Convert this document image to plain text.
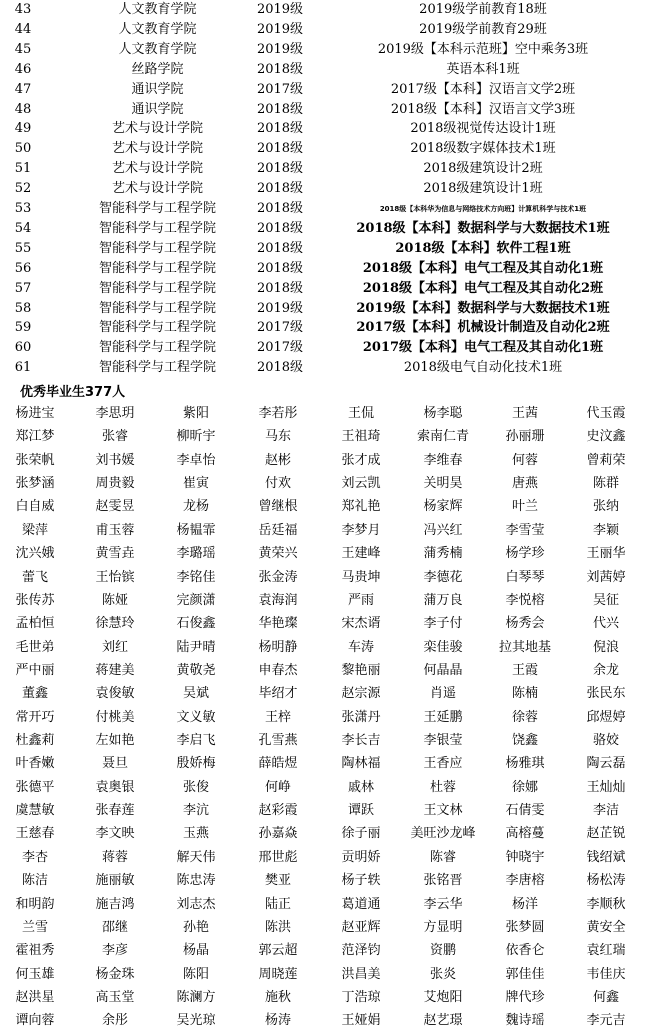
43	人文教育学院	2019级	2019级学前教育18班
44	人文教育学院	2019级	2019级学前教育29班
45	人文教育学院	2019级	2019级【本科示范班】空中乘务3班
46	丝路学院	2018级	英语本科1班
47	通识学院	2017级	2017级【本科】汉语言文学2班
48	通识学院	2018级	2018级【本科】汉语言文学3班
49	艺术与设计学院	2018级	2018级视觉传达设计1班
50	艺术与设计学院	2018级	2018级数字媒体技术1班
51	艺术与设计学院	2018级	2018级建筑设计2班
52	艺术与设计学院	2018级	2018级建筑设计1班
53	智能科学与工程学院	2018级	2018级【本科华为信息与网络技术方向班】计算机科学与技术1班
54	智能科学与工程学院	2018级	2018级【本科】数据科学与大数据技术1班
55	智能科学与工程学院	2018级	2018级【本科】软件工程1班
56	智能科学与工程学院	2018级	2018级【本科】电气工程及其自动化1班
57	智能科学与工程学院	2018级	2018级【本科】电气工程及其自动化2班
58	智能科学与工程学院	2019级	2019级【本科】数据科学与大数据技术1班
59	智能科学与工程学院	2017级	2017级【本科】机械设计制造及自动化2班
60	智能科学与工程学院	2017级	2017级【本科】电气工程及其自动化1班
61	智能科学与工程学院	2018级	2018级电气自动化技术1班
优秀毕业生377人
杨进宝	李思玥	紫阳	李若彤	王侃	杨李聪	王茜	代玉霞
郑江梦	张睿	柳昕宇	马东	王祖琦	索南仁青	孙丽珊	史汶鑫
张荣帆	刘书媛	李卓怡	赵彬	张才成	李维春	何蓉	曾莉荣
张梦涵	周贵毅	崔寅	付欢	刘云凯	关明昊	唐燕	陈群
白自威	赵雯昱	龙杨	曾继根	郑礼艳	杨家辉	叶兰	张纳
梁萍	甫玉蓉	杨韫霏	岳廷福	李梦月	冯兴红	李雪莹	李颖
沈兴娥	黄雪垚	李璐瑶	黄荣兴	王建峰	蒲秀楠	杨学珍	王丽华
蕾飞	王怡镔	李铭佳	张金涛	马贵坤	李德花	白琴琴	刘茜婷
张传苏	陈娅	完颜潇	袁海润	严雨	蒲万良	李悦榕	吴征
孟柏恒	徐慧玲	石俊鑫	华艳璨	宋杰谞	李子付	杨秀会	代兴
毛世弟	刘红	陆尹晴	杨明静	车涛	栾佳骏	拉其地基	倪浪
严中丽	蒋建美	黄敬尧	申春杰	黎艳丽	何晶晶	王霞	余龙
董鑫	袁俊敏	吴斌	毕绍才	赵宗源	肖遥	陈楠	张民东
常开巧	付桃美	文义敏	王梓	张潇丹	王延鹏	徐蓉	邱煜婷
杜鑫莉	左如艳	李启飞	孔雪燕	李长吉	李银莹	饶鑫	骆姣
叶香嫩	聂旦	殷娇梅	薛皓煜	陶林福	王香应	杨雅琪	陶云磊
张德平	袁奥银	张俊	何峥	戚林	杜蓉	徐娜	王灿灿
虞慧敏	张春莲	李沆	赵彩霞	谭跃	王文林	石倩雯	李洁
王慈春	李文映	玉燕	孙嘉焱	徐子丽	美旺沙龙峰	高榕蔓	赵芷锐
李杏	蒋蓉	解天伟	邢世彪	贡明娇	陈睿	钟晓宇	钱绍斌
陈洁	施丽敏	陈忠涛	樊亚	杨子轶	张铭晋	李唐榕	杨松涛
和明韵	施吉鸿	刘志杰	陆正	葛道通	李云华	杨洋	李顺秋
兰雪	邵继	孙艳	陈洪	赵亚辉	方显明	张梦圆	黄安全
霍祖秀	李彦	杨晶	郭云超	范泽钧	资鹏	依香仑	袁红瑞
何玉雄	杨金珠	陈阳	周晓莲	洪昌美	张炎	郭佳佳	韦佳庆
赵洪星	高玉堂	陈澜方	施秋	丁浩琼	艾炮阳	牌代珍	何鑫
谭向蓉	余彤	吴光琼	杨涛	王娅娟	赵艺璟	魏诗瑶	李元吉
